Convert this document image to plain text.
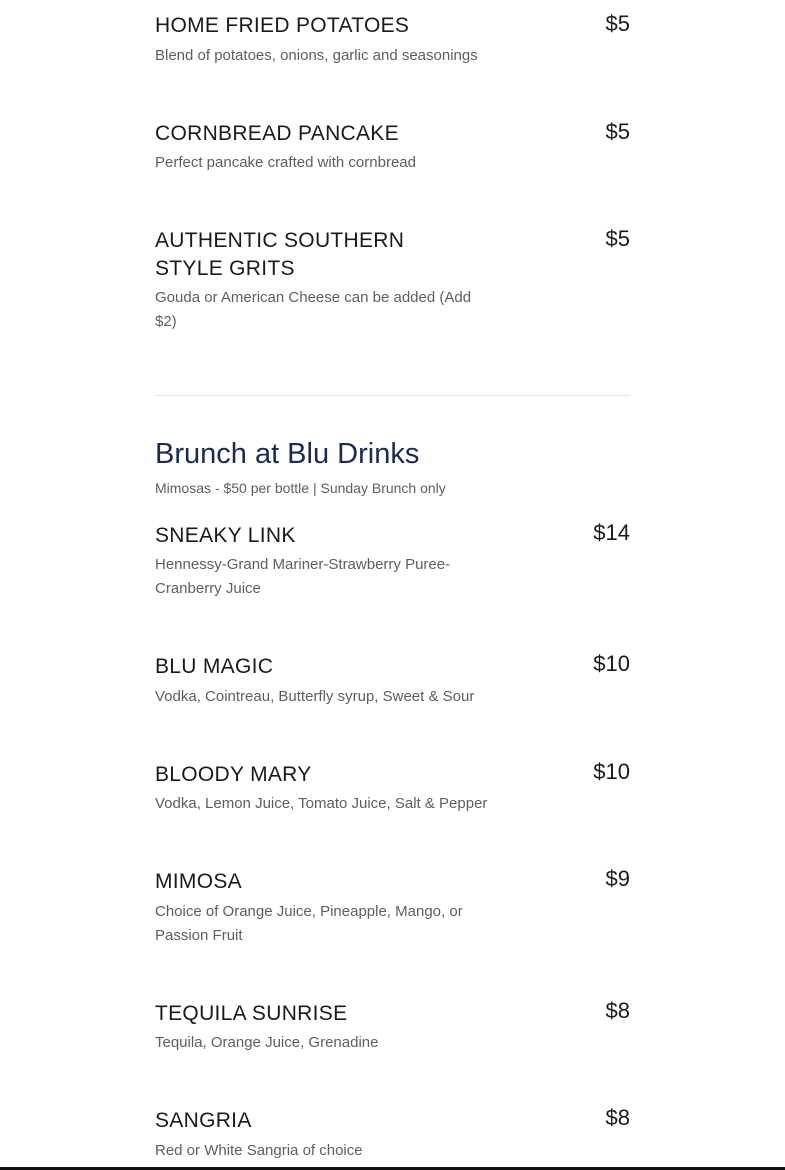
$5

HOME FRIED POTATOES

Blend of potatoes, onions, garlic and seasonings

$5

CORNBREAD PANCAKE

Perfect pancake crafted with cornbread

$5

AUTHENTIC SOUTHERN STYLE GRITS

Gouda or American Cheese can be added (Add $2)

Brunch at Blu Drinks
Mimosas - $50 per bottle | Sunday Brunch only
$14

SNEAKY LINK

Hennessy-Grand Mariner-Strawberry Puree-Cranberry Juice

$10

BLU MAGIC

Vodka, Cointreau, Butterfly syrup, Sweet & Sour

$10

BLOODY MARY

Vodka, Lemon Juice, Tomato Juice, Salt & Pepper

$9

MIMOSA

Choice of Orange Juice, Pineapple, Mango, or Passion Fruit

$8

TEQUILA SUNRISE

Tequila, Orange Juice, Grenadine

$8

SANGRIA

Red or White Sangria of choice
